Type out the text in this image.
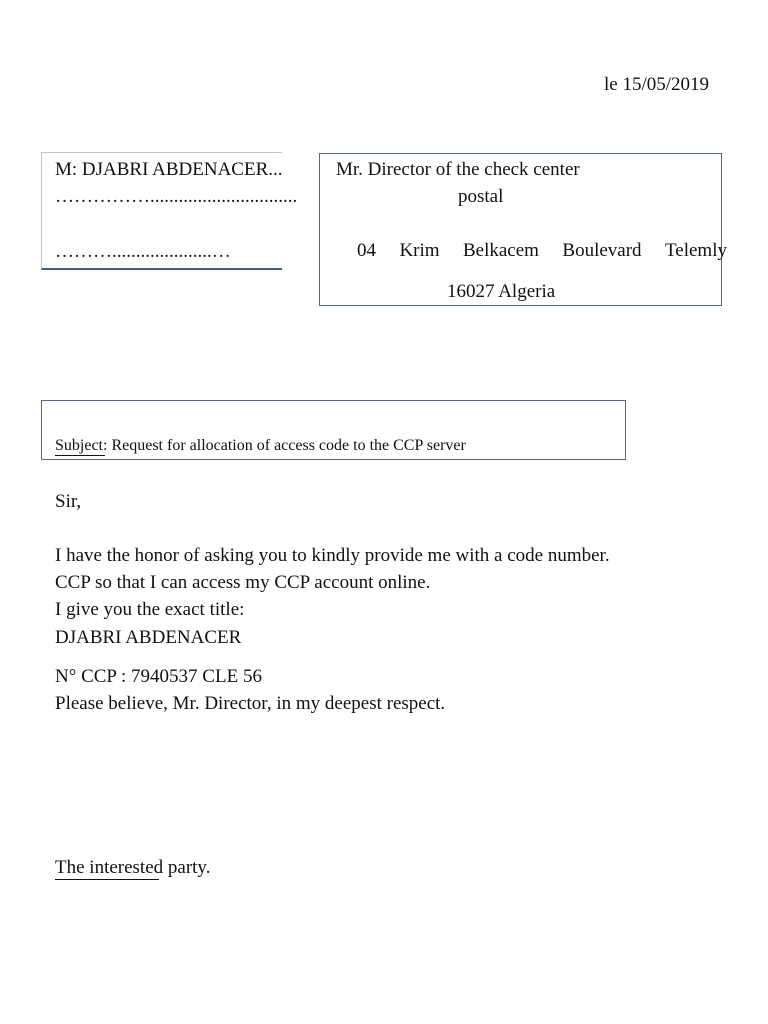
le 15/05/2019
M: DJABRI ABDENACER...
……………...............................
……….....................…
Mr. Director of the check center
postal
04 Krim Belkacem Boulevard Telemly
16027 Algeria
Subject
: Request for allocation of access code to the CCP server
Sir,
I have the honor of asking you to kindly provide me with a code number.
CCP so that I can access my CCP account online.
I give you the exact title:
DJABRI ABDENACER
N° CCP : 7940537 CLE 56
Please believe, Mr. Director, in my deepest respect.
The interested party.
